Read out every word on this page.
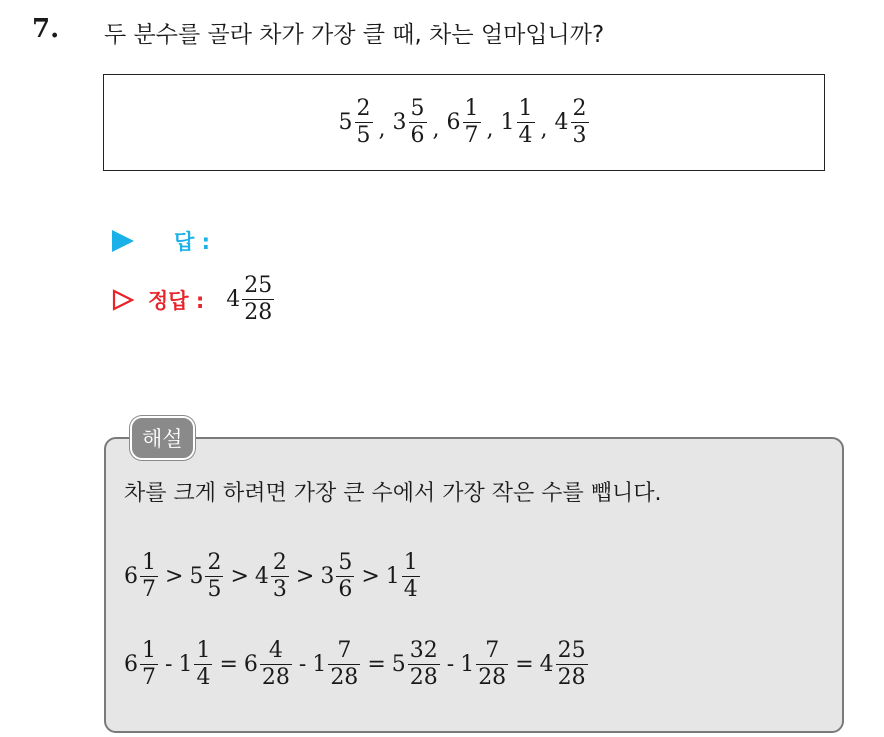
7. 두 분수를 골라 차가 가장 클 때, 차는 얼마입니까?
$5 \frac{2}{5}$ , $3 \frac{5}{6}$ , $6 \frac{1}{7}$ , $1 \frac{1}{4}$ , $4 \frac{2}{3}$
답 :
정답 : $4 \frac{25}{28}$
해설
차를 크게 하려면 가장 큰 수에서 가장 작은 수를 뺍니다.
$6 \frac{1}{7} > 5 \frac{2}{5} > 4 \frac{2}{3} > 3 \frac{5}{6} > 1 \frac{1}{4}$
$6 \frac{1}{7} - 1 \frac{1}{4} = 6 \frac{4}{28} - 1 \frac{7}{28} = 5 \frac{32}{28} - 1 \frac{7}{28} = 4 \frac{25}{28}$
